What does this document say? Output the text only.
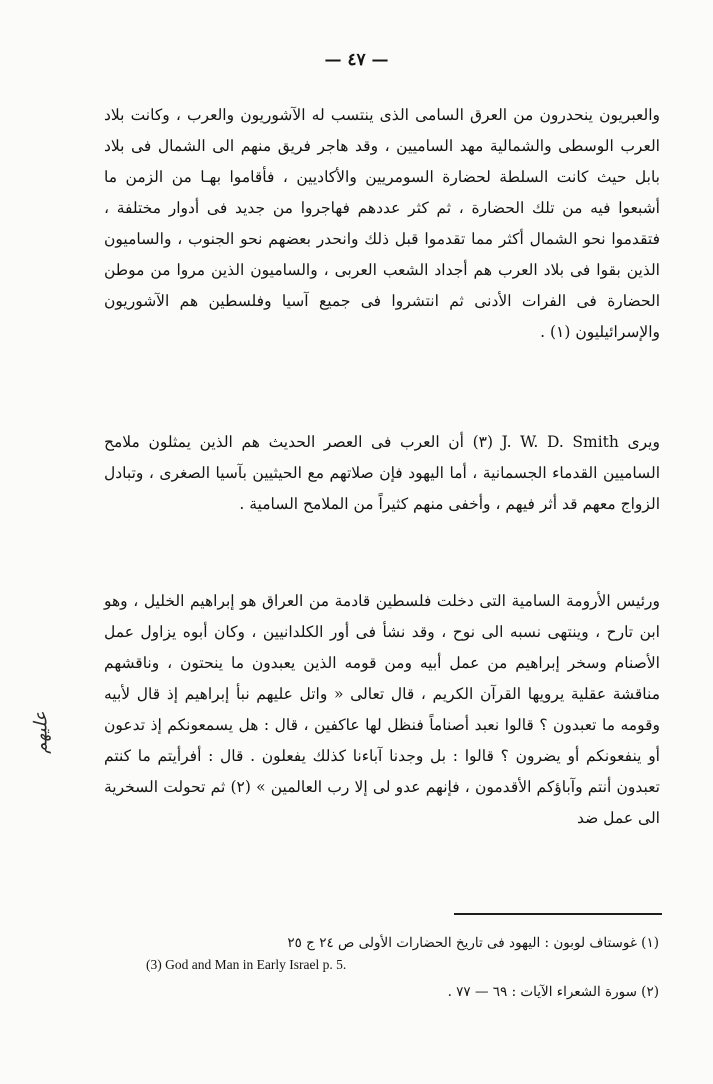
— ٤٧ —

والعبريون ينحدرون من العرق السامى الذى ينتسب له الآشوريون والعرب ، وكانت بلاد العرب الوسطى والشمالية مهد الساميين ، وقد هاجر فريق منهم الى الشمال فى بلاد بابل حيث كانت السلطة لحضارة السومريين والأكاديين ، فأقاموا بهـا من الزمن ما أشبعوا فيه من تلك الحضارة ، ثم كثر عددهم فهاجروا من جديد فى أدوار مختلفة ، فتقدموا نحو الشمال أكثر مما تقدموا قبل ذلك وانحدر بعضهم نحو الجنوب ، والساميون الذين بقوا فى بلاد العرب هم أجداد الشعب العربى ، والساميون الذين مروا من موطن الحضارة فى الفرات الأدنى ثم انتشروا فى جميع آسيا وفلسطين هم الآشوريون والإسرائيليون (١) .

ويرى J. W. D. Smith (٣) أن العرب فى العصر الحديث هم الذين يمثلون ملامح الساميين القدماء الجسمانية ، أما اليهود فإن صلاتهم مع الحيثيين بآسيا الصغرى ، وتبادل الزواج معهم قد أثر فيهم ، وأخفى منهم كثيراً من الملامح السامية .

ورئيس الأرومة السامية التى دخلت فلسطين قادمة من العراق هو إبراهيم الخليل ، وهو ابن تارح ، وينتهى نسبه الى نوح ، وقد نشأ فى أور الكلدانيين ، وكان أبوه يزاول عمل الأصنام وسخر إبراهيم من عمل أبيه ومن قومه الذين يعبدون ما ينحتون ، وناقشهم مناقشة عقلية يرويها القرآن الكريم ، قال تعالى « واتل عليهم نبأ إبراهيم إذ قال لأبيه وقومه ما تعبدون ؟ قالوا نعبد أصناماً فنظل لها عاكفين ، قال : هل يسمعونكم إذ تدعون أو ينفعونكم أو يضرون ؟ قالوا : بل وجدنا آباءنا كذلك يفعلون . قال : أفرأيتم ما كنتم تعبدون أنتم وآباؤكم الأقدمون ، فإنهم عدو لى إلا رب العالمين » (٢) ثم تحولت السخرية الى عمل ضد

علیهم
(١) غوستاف لوبون : اليهود فى تاريخ الحضارات الأولى ص ٢٤ ج ٢٥
(3) God and Man in Early Israel p. 5.
(٢) سورة الشعراء الآيات : ٦٩ — ٧٧ .
